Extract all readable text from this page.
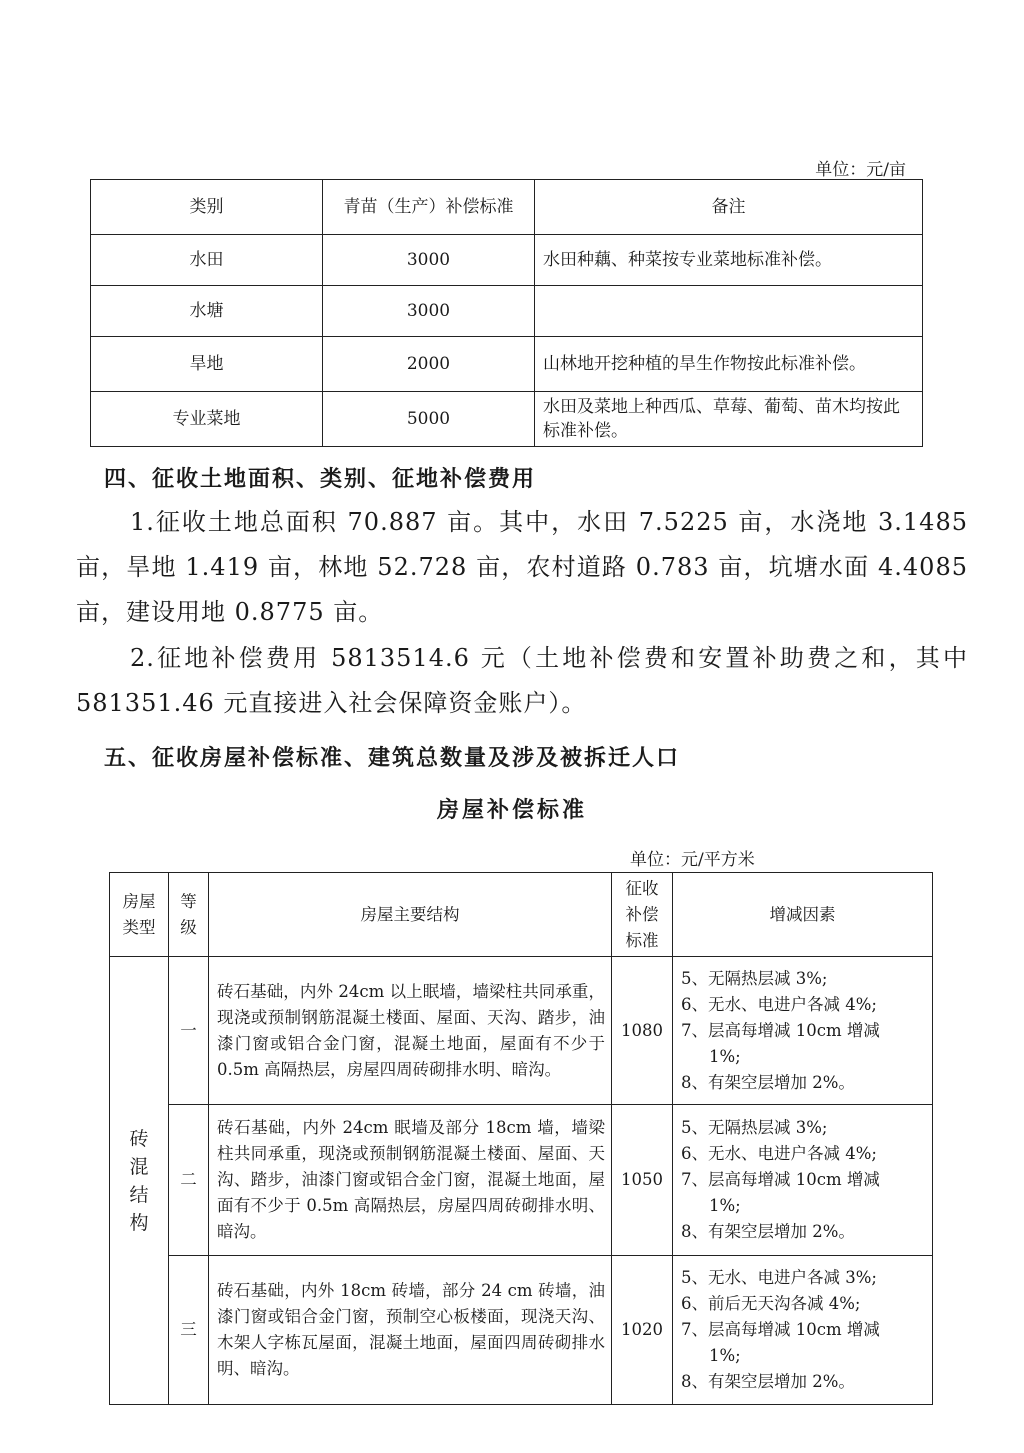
单位：元/亩
类别	青苗（生产）补偿标准	备注
水田	3000	水田种藕、种菜按专业菜地标准补偿。
水塘	3000	
旱地	2000	山林地开挖种植的旱生作物按此标准补偿。
专业菜地	5000	水田及菜地上种西瓜、草莓、葡萄、苗木均按此标准补偿。
四、征收土地面积、类别、征地补偿费用
1.征收土地总面积 70.887 亩。其中，水田 7.5225 亩，水浇地 3.1485 亩，旱地 1.419 亩，林地 52.728 亩，农村道路 0.783 亩，坑塘水面 4.4085 亩，建设用地 0.8775 亩。
2.征地补偿费用 5813514.6 元（土地补偿费和安置补助费之和，其中 581351.46 元直接进入社会保障资金账户）。
五、征收房屋补偿标准、建筑总数量及涉及被拆迁人口
房屋补偿标准
单位：元/平方米
房屋类型	等级	房屋主要结构	征收补偿标准	增减因素
砖混结构	一	砖石基础，内外 24cm 以上眠墙，墙梁柱共同承重，现浇或预制钢筋混凝土楼面、屋面、天沟、踏步，油漆门窗或铝合金门窗，混凝土地面，屋面有不少于 0.5m 高隔热层，房屋四周砖砌排水明、暗沟。	1080	5、无隔热层减 3%;
6、无水、电进户各减 4%;
7、层高每增减 10cm 增减
1%;
8、有架空层增加 2%。

	二	砖石基础，内外 24cm 眠墙及部分 18cm 墙，墙梁柱共同承重，现浇或预制钢筋混凝土楼面、屋面、天沟、踏步，油漆门窗或铝合金门窗，混凝土地面，屋面有不少于 0.5m 高隔热层，房屋四周砖砌排水明、暗沟。	1050	5、无隔热层减 3%;
6、无水、电进户各减 4%;
7、层高每增减 10cm 增减
1%;
8、有架空层增加 2%。

	三	砖石基础，内外 18cm 砖墙，部分 24 cm 砖墙，油漆门窗或铝合金门窗，预制空心板楼面，现浇天沟、木架人字栋瓦屋面，混凝土地面，屋面四周砖砌排水明、暗沟。	1020	5、无水、电进户各减 3%;
6、前后无天沟各减 4%;
7、层高每增减 10cm 增减
1%;
8、有架空层增加 2%。
